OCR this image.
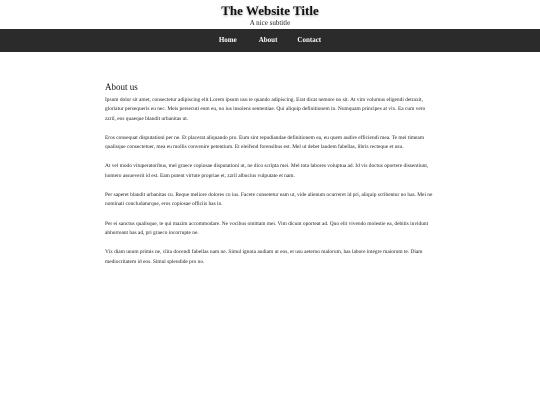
The Website Title

A nice subtitle

Home	About	Contact
About us

Ipsum dolor sit amet, consectetur adipiscing elit Lorem ipsum usu te quando adipiscing. Erat dicat nemore no sit. At vim volumus eligendi detraxit, gloriatur persequeris eu nec. Meis persecuti eum eu, no ius insolens sententiae. Qui aliquip definitionem in. Numquam principes at vix. Ea cum vero zzril, eos quaeque blandit urbanitas ut.

Eros consequat disputationi per ne. Et placerat aliquando pro. Eum sint repudiandae definitionem ea, eu quem audire efficiendi mea. Te mei timeam qualisque consectetuer, mea eu mollis convenire petentium. Et eleifend forensibus est. Mel ut debet laudem fabellas, libris recteque et usu.

At vel modo vituperatoribus, mel graece copiosae disputationi ut, ne dico scripta mei. Mel tota labores voluptua ad. Id vis doctus oportere dissentiunt, homero assueverit id est. Eam putent virtute propriae et, zzril albucius vulputate et nam.

Per saperet blandit urbanitas cu. Reque meliore dolores cu ius. Facete consetetur eam ut, vide alienum ocurreret id pri, aliquip scribentur no has. Mei ne nominati concludaturque, eros copiosae officiis has in.

Per ei sanctus qualisque, te qui mazim accommodare. Ne vocibus omittam mei. Vim dicunt oporteat ad. Quo elit vivendo molestie ea, debitis invidunt abhorreant has ad, pri graeco incorrupte ne.

Vix diam unum primis ne, clita docendi fabellas nam ne. Simul ignota audiam ut eos, et usu aeterno malorum, has labore integre maiorum te. Diam mediocritatem id eos. Simul splendide pro no.
